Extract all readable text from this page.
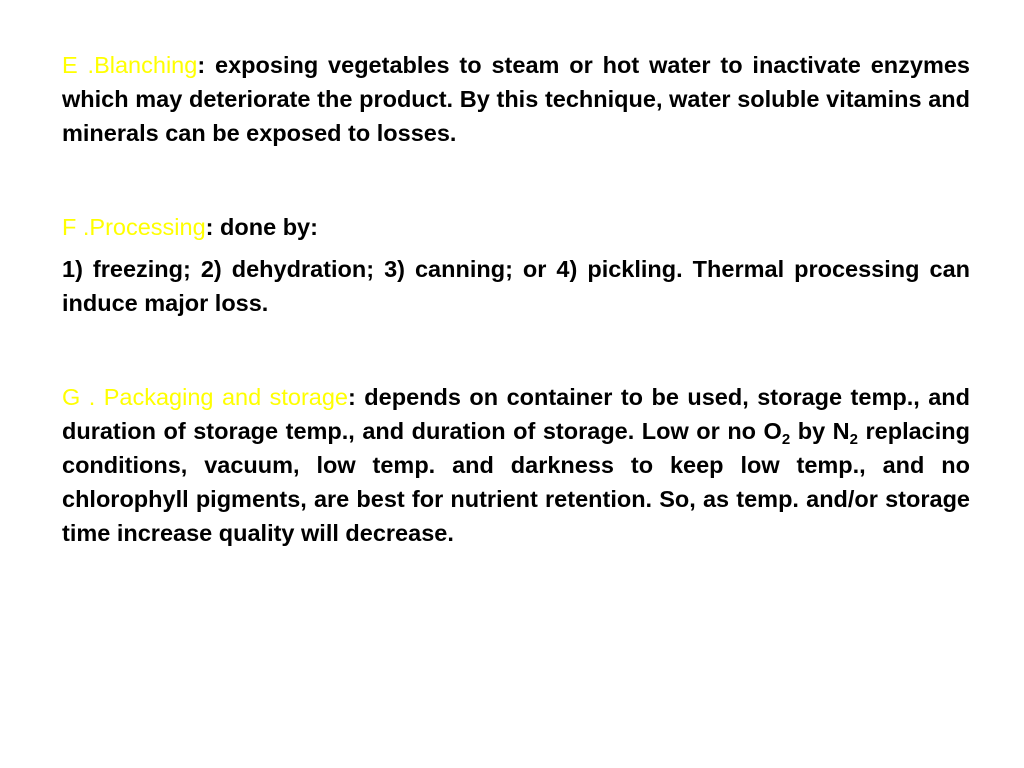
E .Blanching: exposing vegetables to steam or hot water to inactivate enzymes which may deteriorate the product. By this technique, water soluble vitamins and minerals can be exposed to losses.

F .Processing: done by:

1) freezing; 2) dehydration; 3) canning; or 4) pickling. Thermal processing can induce major loss.

G . Packaging and storage: depends on container to be used, storage temp., and duration of storage temp., and duration of storage. Low or no $O_2$ by $N_2$ replacing conditions, vacuum, low temp. and darkness to keep low temp., and no chlorophyll pigments, are best for nutrient retention. So, as temp. and/or storage time increase quality will decrease.
